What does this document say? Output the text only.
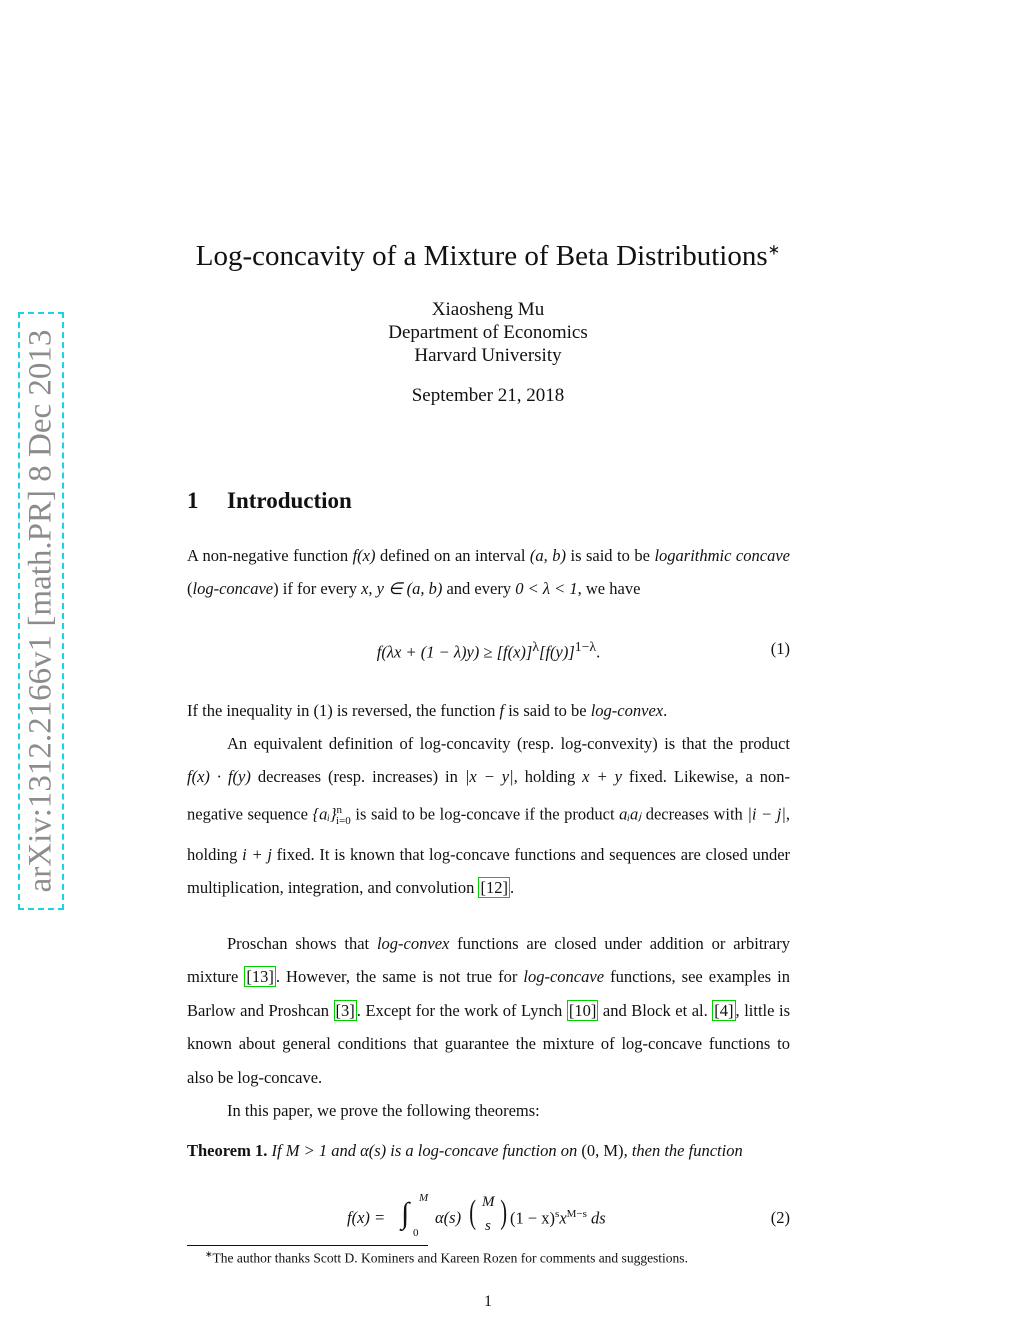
arXiv:1312.2166v1 [math.PR] 8 Dec 2013
Log-concavity of a Mixture of Beta Distributions∗
Xiaosheng Mu
Department of Economics
Harvard University
September 21, 2018
1 Introduction
A non-negative function f(x) defined on an interval (a, b) is said to be logarithmic concave (log-concave) if for every x, y ∈ (a, b) and every 0 < λ < 1, we have
$f(\lambda x + (1 - \lambda)y) \ge [f(x)]^\lambda[f(y)]^{1-\lambda}$.	(1)
If the inequality in (1) is reversed, the function f is said to be log-convex.
An equivalent definition of log-concavity (resp. log-convexity) is that the product f(x) · f(y) decreases (resp. increases) in |x − y|, holding x + y fixed. Likewise, a non-negative sequence {aᵢ}$^n_{i=0}$ is said to be log-concave if the product aᵢaⱼ decreases with |i − j|, holding i + j fixed. It is known that log-concave functions and sequences are closed under multiplication, integration, and convolution [12] .
Proschan shows that log-convex functions are closed under addition or arbitrary mixture [13] . However, the same is not true for log-concave functions, see examples in Barlow and Proshcan [3] . Except for the work of Lynch [10] and Block et al. [4] , little is known about general conditions that guarantee the mixture of log-concave functions to also be log-concave.
In this paper, we prove the following theorems:
Theorem 1. If M > 1 and α(s) is a log-concave function on (0, M), then the function
f(x) = ∫ M
0
α(s) ( M
s ) $(1 - x)^sx^{M-s}$ ds	(2)
∗The author thanks Scott D. Kominers and Kareen Rozen for comments and suggestions.
1
